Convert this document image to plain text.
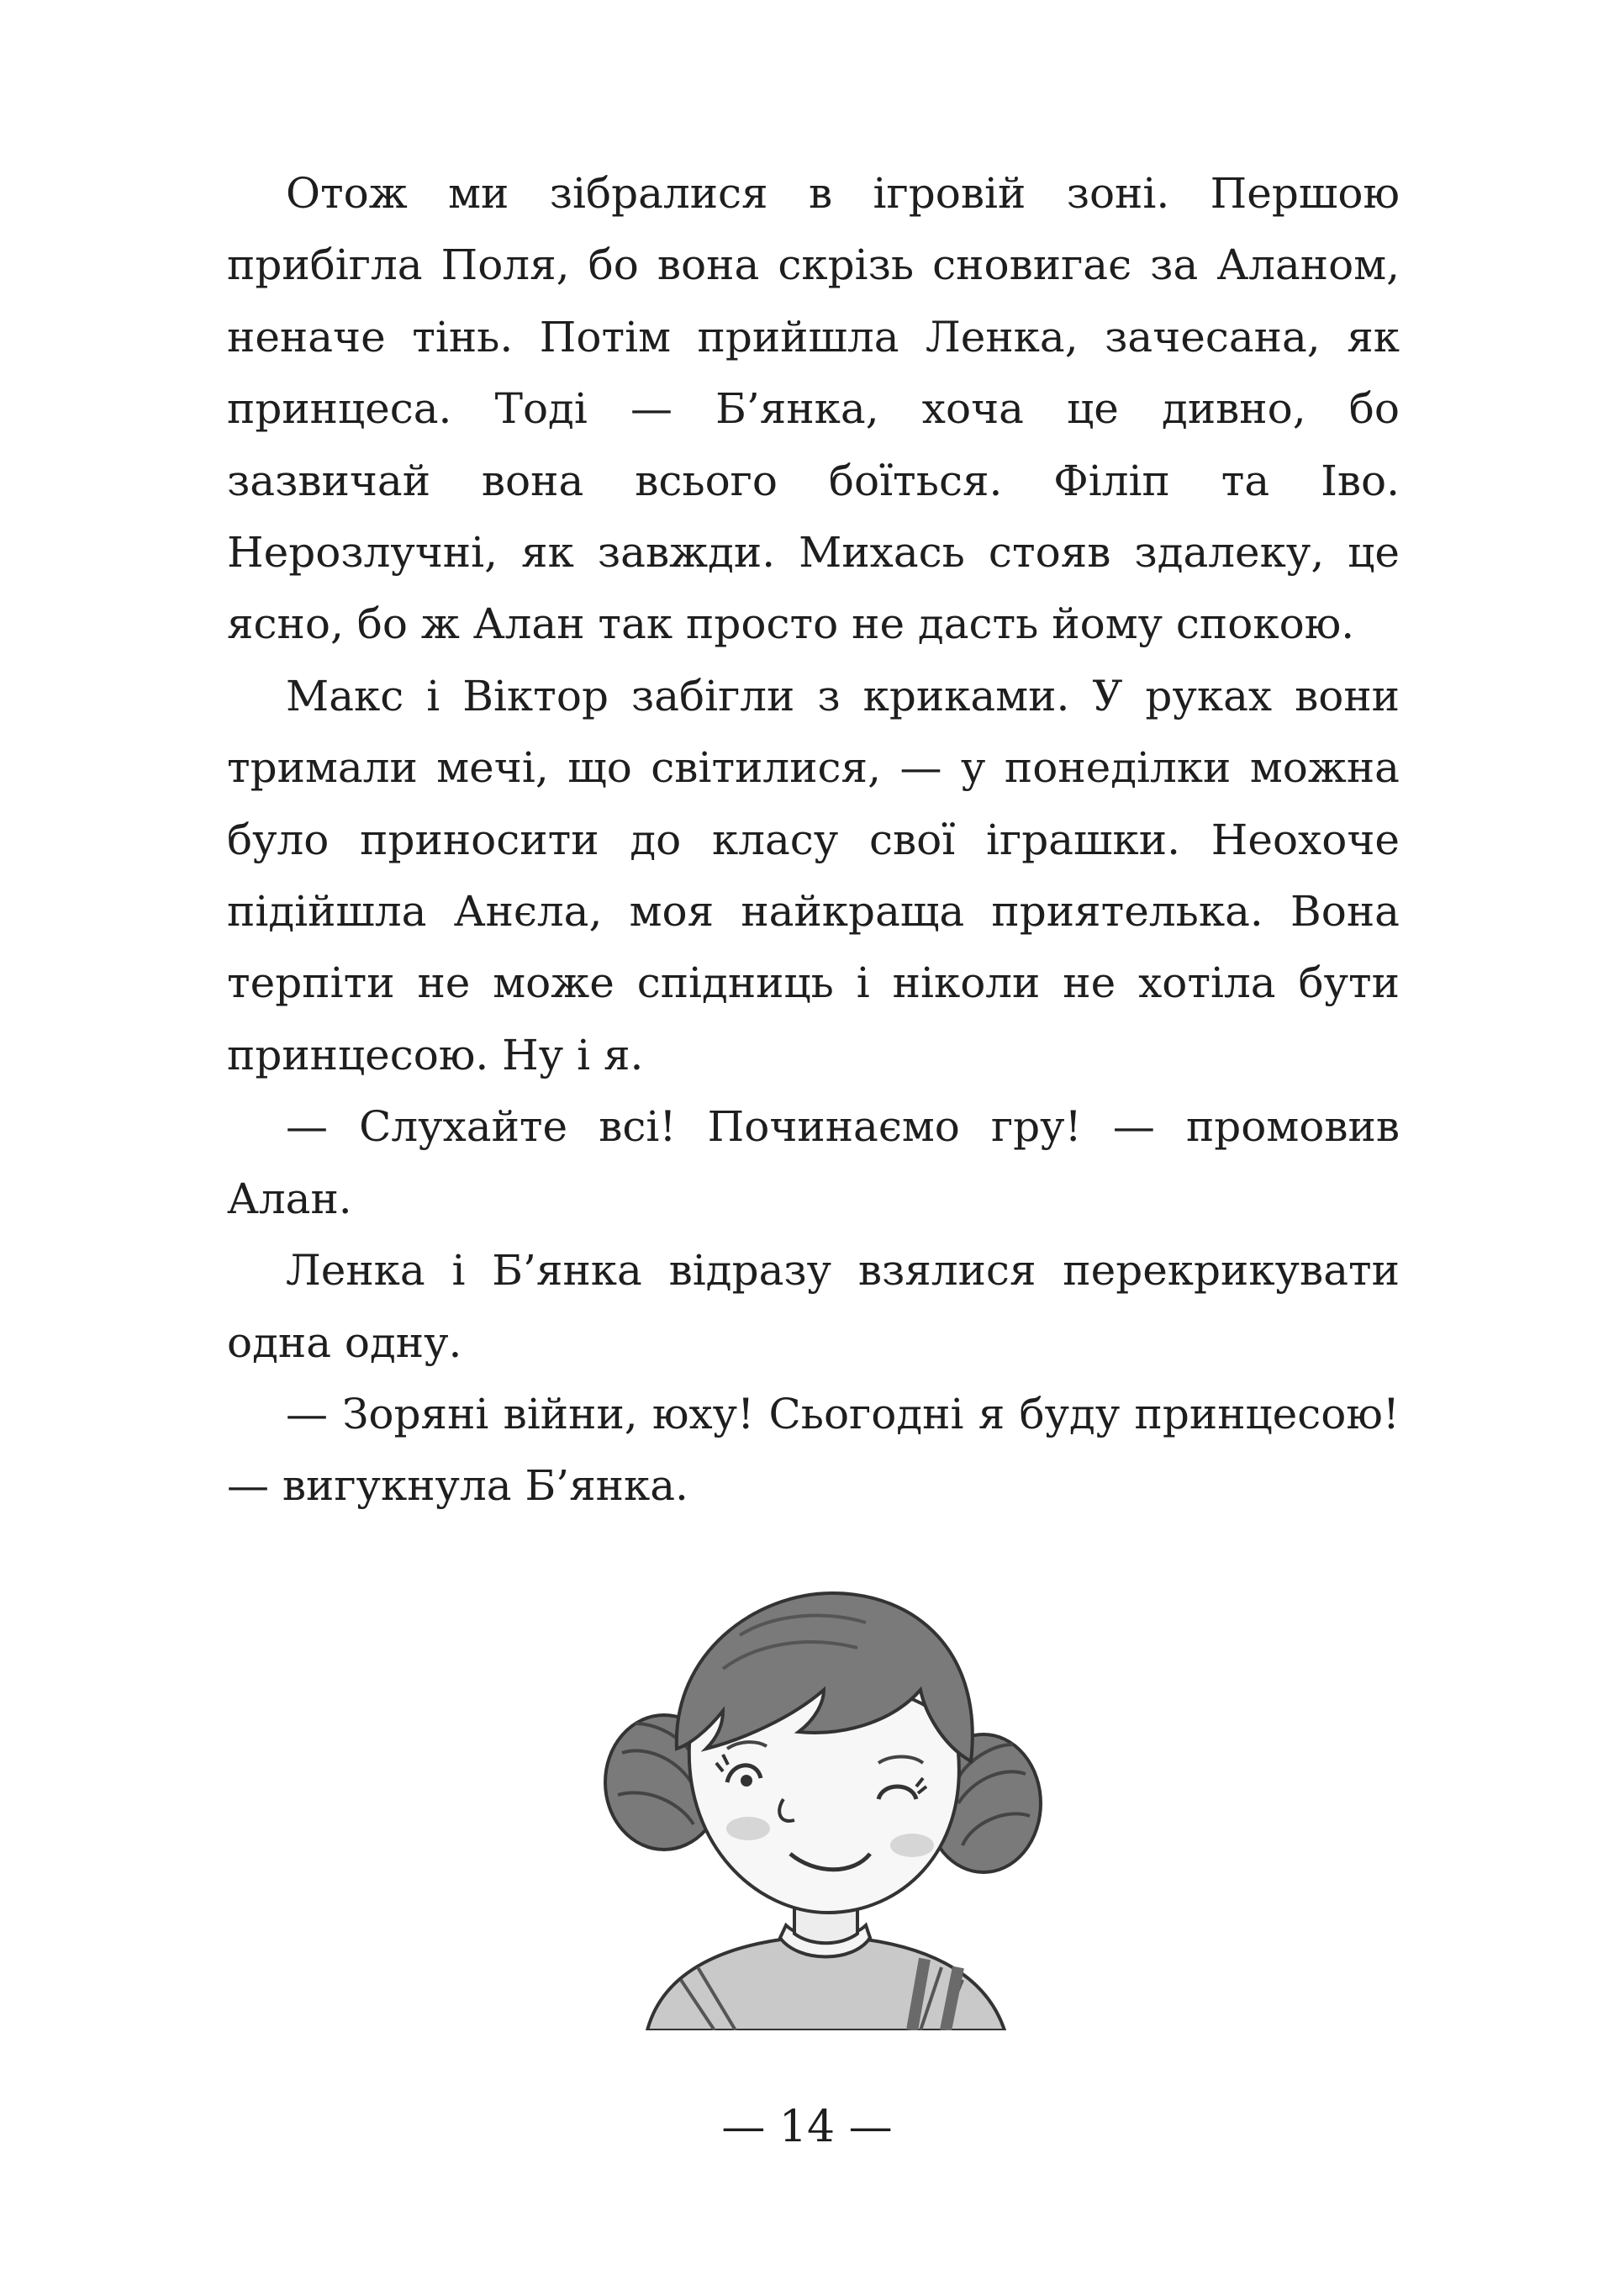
Отож ми зібралися в ігровій зоні. Першою прибігла Поля, бо вона скрізь сновигає за Аланом, неначе тінь. Потім прийшла Ленка, зачесана, як принцеса. Тоді — Б’янка, хоча це дивно, бо зазвичай вона всього боїться. Філіп та Іво. Нерозлучні, як завжди. Михась стояв здалеку, це ясно, бо ж Алан так просто не дасть йому спокою.

Макс і Віктор забігли з криками. У руках вони тримали мечі, що світилися, — у понеділки можна було приносити до класу свої іграшки. Неохоче підійшла Анєла, моя найкраща приятелька. Вона терпіти не може спідниць і ніколи не хотіла бути принцесою. Ну і я.

— Слухайте всі! Починаємо гру! — промовив Алан.

Ленка і Б’янка відразу взялися перекрикувати одна одну.

— Зоряні війни, юху! Сьогодні я буду принцесою! — вигукнула Б’янка.

— 14 —
